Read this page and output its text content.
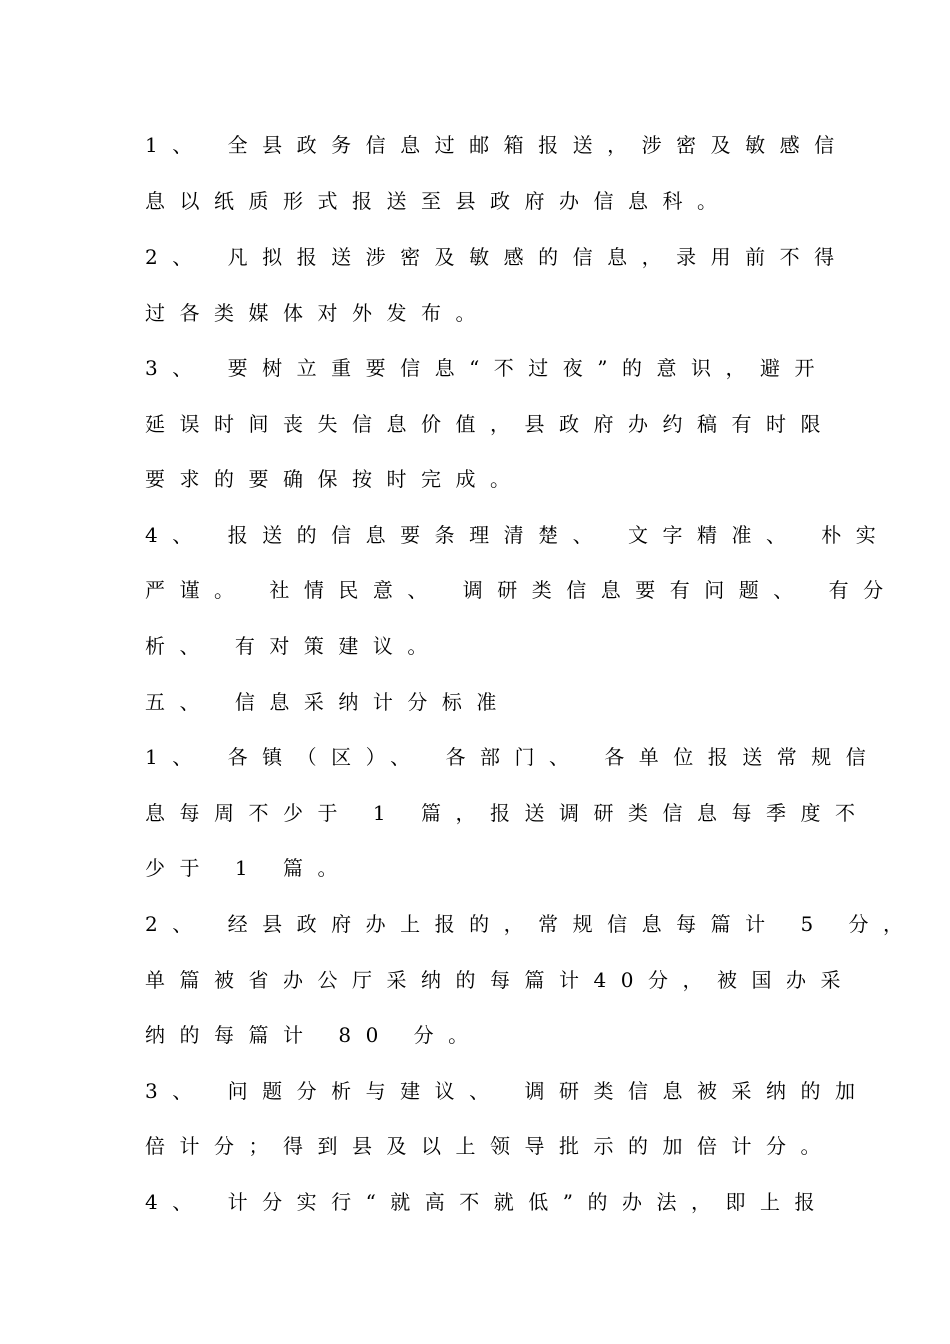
1、 全县政务信息过邮箱报送，涉密及敏感信
息以纸质形式报送至县政府办信息科。
2、 凡拟报送涉密及敏感的信息，录用前不得
过各类媒体对外发布。
3、 要树立重要信息“不过夜”的意识，避开
延误时间丧失信息价值，县政府办约稿有时限
要求的要确保按时完成。
4、 报送的信息要条理清楚、 文字精准、 朴实
严谨。 社情民意、 调研类信息要有问题、 有分
析、 有对策建议。
五、 信息采纳计分标准
1、 各镇（区）、 各部门、 各单位报送常规信
息每周不少于 1 篇，报送调研类信息每季度不
少于 1 篇。
2、 经县政府办上报的，常规信息每篇计 5 分，
单篇被省办公厅采纳的每篇计40分，被国办采
纳的每篇计 80 分。
3、 问题分析与建议、 调研类信息被采纳的加
倍计分；得到县及以上领导批示的加倍计分。
4、 计分实行“就高不就低”的办法，即上报
